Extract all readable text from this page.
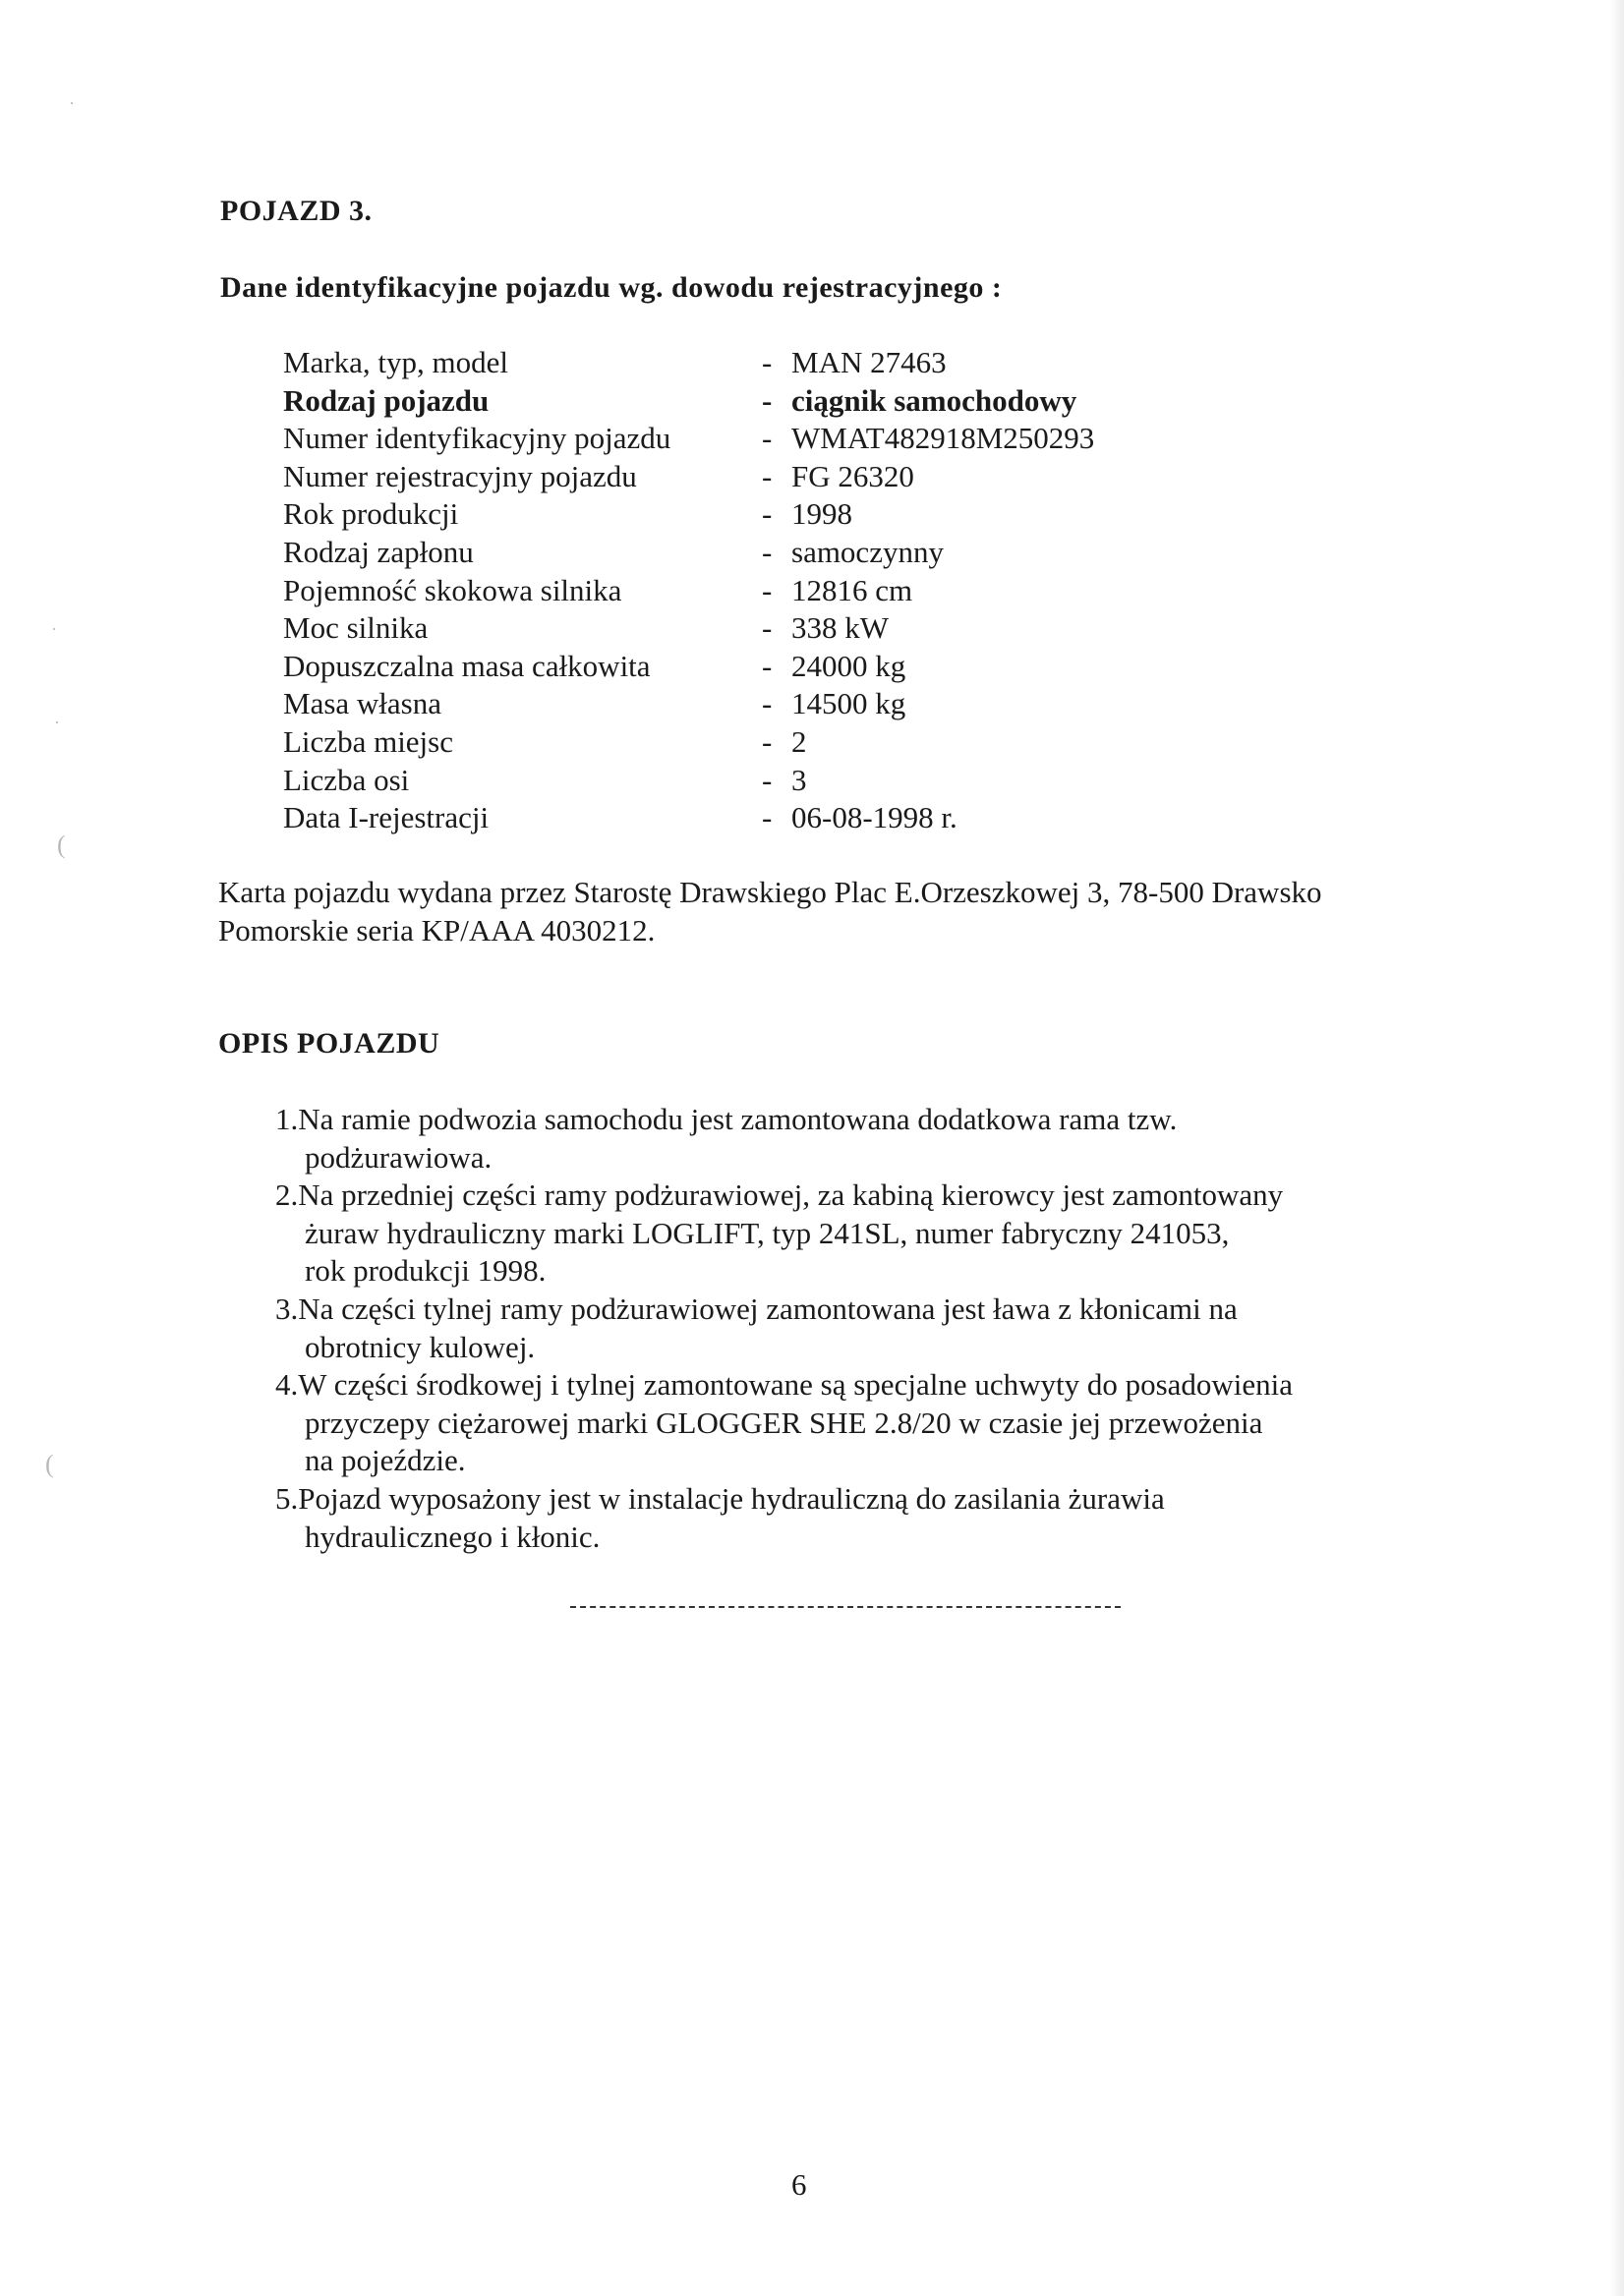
·
·
·
(
(
POJAZD 3.
Dane identyfikacyjne pojazdu wg. dowodu rejestracyjnego :
Marka, typ, model	- MAN 27463
Rodzaj pojazdu	- ciągnik samochodowy
Numer identyfikacyjny pojazdu	- WMAT482918M250293
Numer rejestracyjny pojazdu	- FG 26320
Rok produkcji	- 1998
Rodzaj zapłonu	- samoczynny
Pojemność skokowa silnika	- 12816 cm
Moc silnika	- 338 kW
Dopuszczalna masa całkowita	- 24000 kg
Masa własna	- 14500 kg
Liczba miejsc	- 2
Liczba osi	- 3
Data I-rejestracji	- 06-08-1998 r.
Karta pojazdu wydana przez Starostę Drawskiego Plac E.Orzeszkowej 3, 78-500 Drawsko
Pomorskie seria KP/AAA 4030212.
OPIS POJAZDU
1.Na ramie podwozia samochodu jest zamontowana dodatkowa rama tzw.
podżurawiowa.
2.Na przedniej części ramy podżurawiowej, za kabiną kierowcy jest zamontowany
żuraw hydrauliczny marki LOGLIFT, typ 241SL, numer fabryczny 241053,
rok produkcji 1998.
3.Na części tylnej ramy podżurawiowej zamontowana jest ława z kłonicami na
obrotnicy kulowej.
4.W części środkowej i tylnej zamontowane są specjalne uchwyty do posadowienia
przyczepy ciężarowej marki GLOGGER SHE 2.8/20 w czasie jej przewożenia
na pojeździe.
5.Pojazd wyposażony jest w instalacje hydrauliczną do zasilania żurawia
hydraulicznego i kłonic.
6
